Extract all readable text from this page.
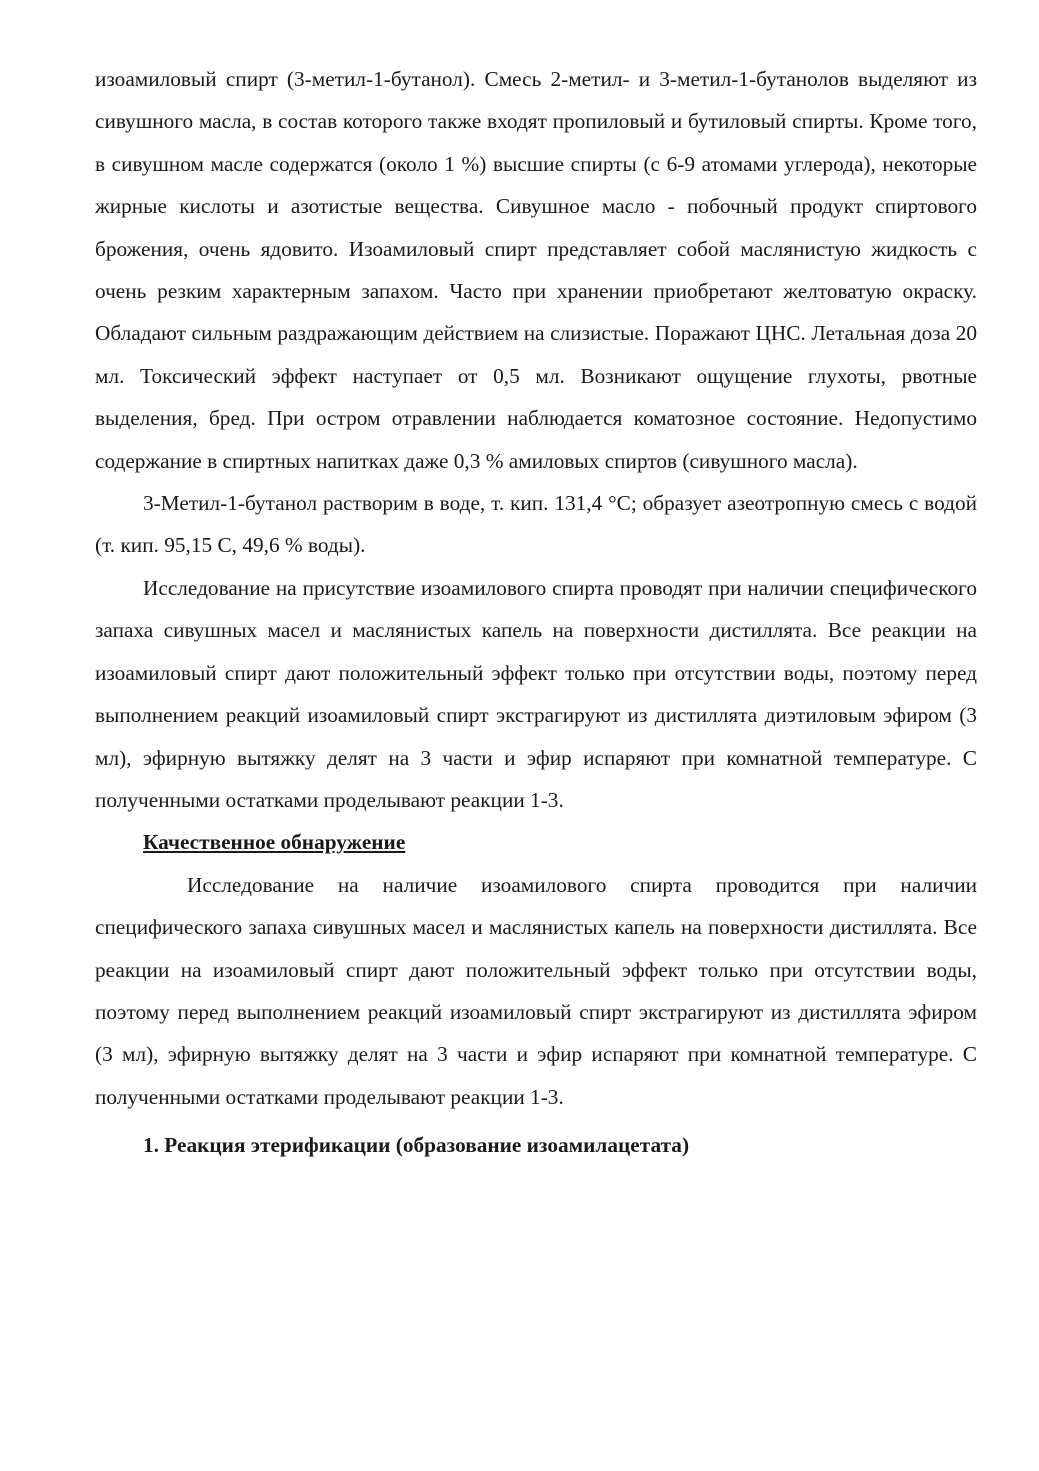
изоамиловый спирт (3-метил-1-бутанол). Смесь 2-метил- и 3-метил-1-бутанолов выделяют из сивушного масла, в состав которого также входят пропиловый и бутиловый спирты. Кроме того, в сивушном масле содержатся (около 1 %) высшие спирты (с 6-9 атомами углерода), некоторые жирные кислоты и азотистые вещества. Сивушное масло - побочный продукт спиртового брожения, очень ядовито. Изоамиловый спирт представляет собой маслянистую жидкость с очень резким характерным запахом. Часто при хранении приобретают желтоватую окраску. Обладают сильным раздражающим действием на слизистые. Поражают ЦНС. Летальная доза 20 мл. Токсический эффект наступает от 0,5 мл. Возникают ощущение глухоты, рвотные выделения, бред. При остром отравлении наблюдается коматозное состояние. Недопустимо содержание в спиртных напитках даже 0,3 % амиловых спиртов (сивушного масла).

3-Метил-1-бутанол растворим в воде, т. кип. 131,4 °С; образует азеотропную смесь с водой (т. кип. 95,15 С, 49,6 % воды).

Исследование на присутствие изоамилового спирта проводят при наличии специфического запаха сивушных масел и маслянистых капель на поверхности дистиллята. Все реакции на изоамиловый спирт дают положительный эффект только при отсутствии воды, поэтому перед выполнением реакций изоамиловый спирт экстрагируют из дистиллята диэтиловым эфиром (3 мл), эфирную вытяжку делят на 3 части и эфир испаряют при комнатной температуре. С полученными остатками проделывают реакции 1-3.

Качественное обнаружение

Исследование на наличие изоамилового спирта проводится при наличии специфического запаха сивушных масел и маслянистых капель на поверхности дистиллята. Все реакции на изоамиловый спирт дают положительный эффект только при отсутствии воды, поэтому перед выполнением реакций изоамиловый спирт экстрагируют из дистиллята эфиром (3 мл), эфирную вытяжку делят на 3 части и эфир испаряют при комнатной температуре. С полученными остатками проделывают реакции 1-3.

1. Реакция этерификации (образование изоамилацетата)
